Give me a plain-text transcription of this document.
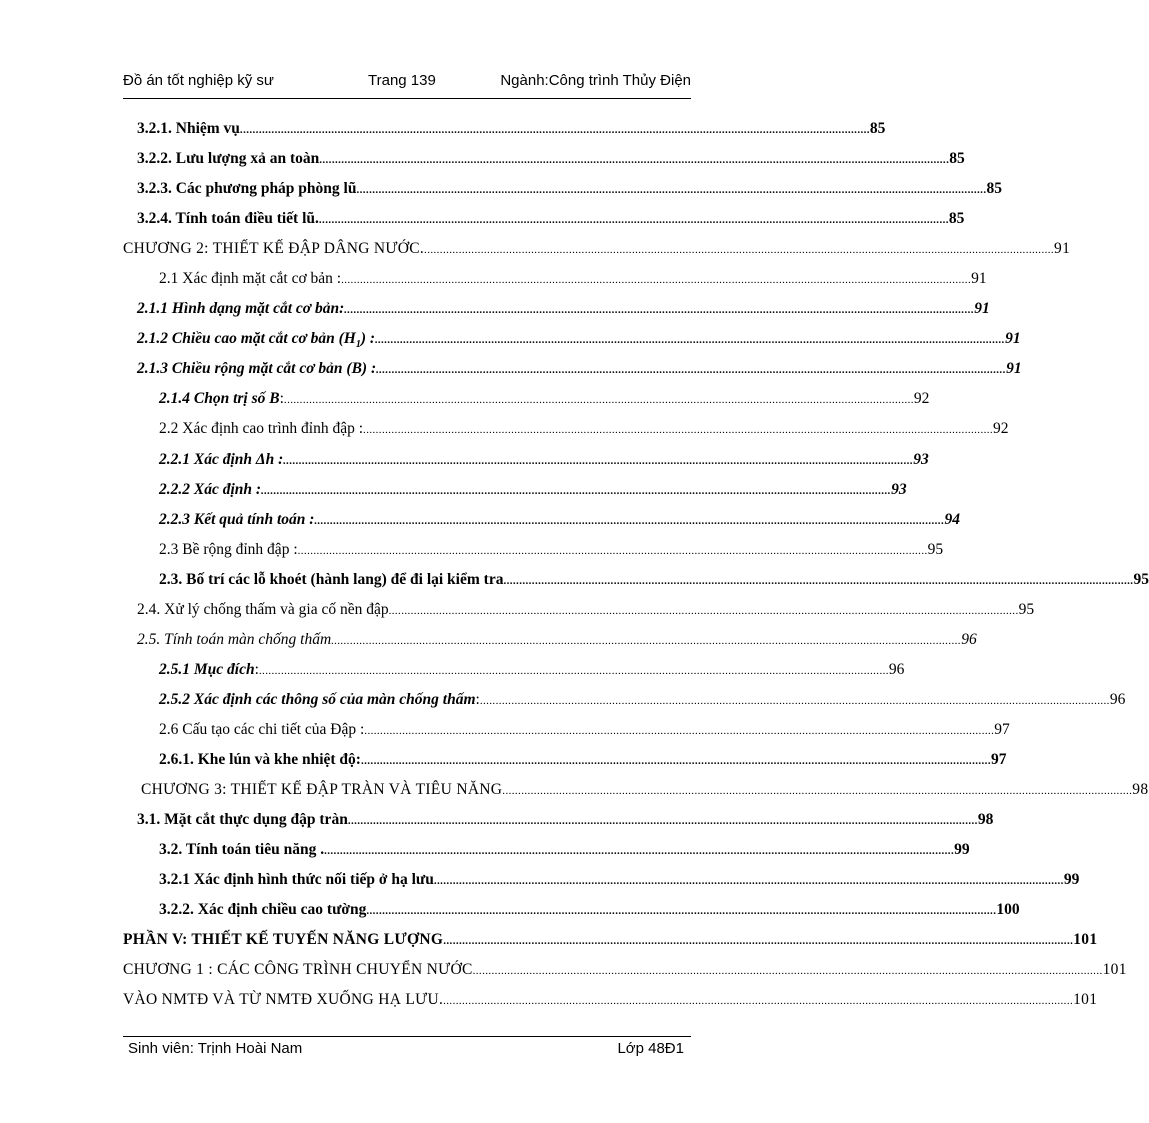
Đồ án tốt nghiệp kỹ sư	Trang 139	Ngành:Công trình Thủy Điện
3.2.1. Nhiệm vụ ........................................................................................................................................................................................................ 85
3.2.2. Lưu lượng xả an toàn ........................................................................................................................................................................................................ 85
3.2.3. Các phương pháp phòng lũ ........................................................................................................................................................................................................ 85
3.2.4. Tính toán điều tiết lũ. ........................................................................................................................................................................................................ 85
CHƯƠNG 2: THIẾT KẾ ĐẬP DÂNG NƯỚC. ........................................................................................................................................................................................................ 91
2.1 Xác định mặt cắt cơ bản : ........................................................................................................................................................................................................ 91
2.1.1 Hình dạng mặt cắt cơ bản: ........................................................................................................................................................................................................ 91
2.1.2 Chiều cao mặt cắt cơ bản $(H_1)$ : ........................................................................................................................................................................................................ 91
2.1.3 Chiều rộng mặt cắt cơ bản (B) : ........................................................................................................................................................................................................ 91
2.1.4 Chọn trị số B: ........................................................................................................................................................................................................ 92
2.2 Xác định cao trình đỉnh đập : ........................................................................................................................................................................................................ 92
2.2.1 Xác định Δh : ........................................................................................................................................................................................................ 93
2.2.2 Xác định : ........................................................................................................................................................................................................ 93
2.2.3 Kết quả tính toán : ........................................................................................................................................................................................................ 94
2.3 Bề rộng đỉnh đập : ........................................................................................................................................................................................................ 95
2.3. Bố trí các lỗ khoét (hành lang) để đi lại kiểm tra ........................................................................................................................................................................................................ 95
2.4. Xử lý chống thấm và gia cố nền đập ........................................................................................................................................................................................................ 95
2.5. Tính toán màn chống thấm ........................................................................................................................................................................................................ 96
2.5.1 Mục đích: ........................................................................................................................................................................................................ 96
2.5.2 Xác định các thông số của màn chống thấm: ........................................................................................................................................................................................................ 96
2.6 Cấu tạo các chi tiết của Đập : ........................................................................................................................................................................................................ 97
2.6.1. Khe lún và khe nhiệt độ: ........................................................................................................................................................................................................ 97
CHƯƠNG 3: THIẾT KẾ ĐẬP TRÀN VÀ TIÊU NĂNG ........................................................................................................................................................................................................ 98
3.1. Mặt cắt thực dụng đập tràn ........................................................................................................................................................................................................ 98
3.2. Tính toán tiêu năng . ........................................................................................................................................................................................................ 99
3.2.1 Xác định hình thức nối tiếp ở hạ lưu ........................................................................................................................................................................................................ 99
3.2.2. Xác định chiều cao tường ........................................................................................................................................................................................................ 100
PHẦN V: THIẾT KẾ TUYẾN NĂNG LƯỢNG ........................................................................................................................................................................................................ 101
CHƯƠNG 1 : CÁC CÔNG TRÌNH CHUYỂN NƯỚC ........................................................................................................................................................................................................ 101
VÀO NMTĐ VÀ TỪ NMTĐ XUỐNG HẠ LƯU. ........................................................................................................................................................................................................ 101
Sinh viên: Trịnh Hoài Nam	Lớp 48Đ1
